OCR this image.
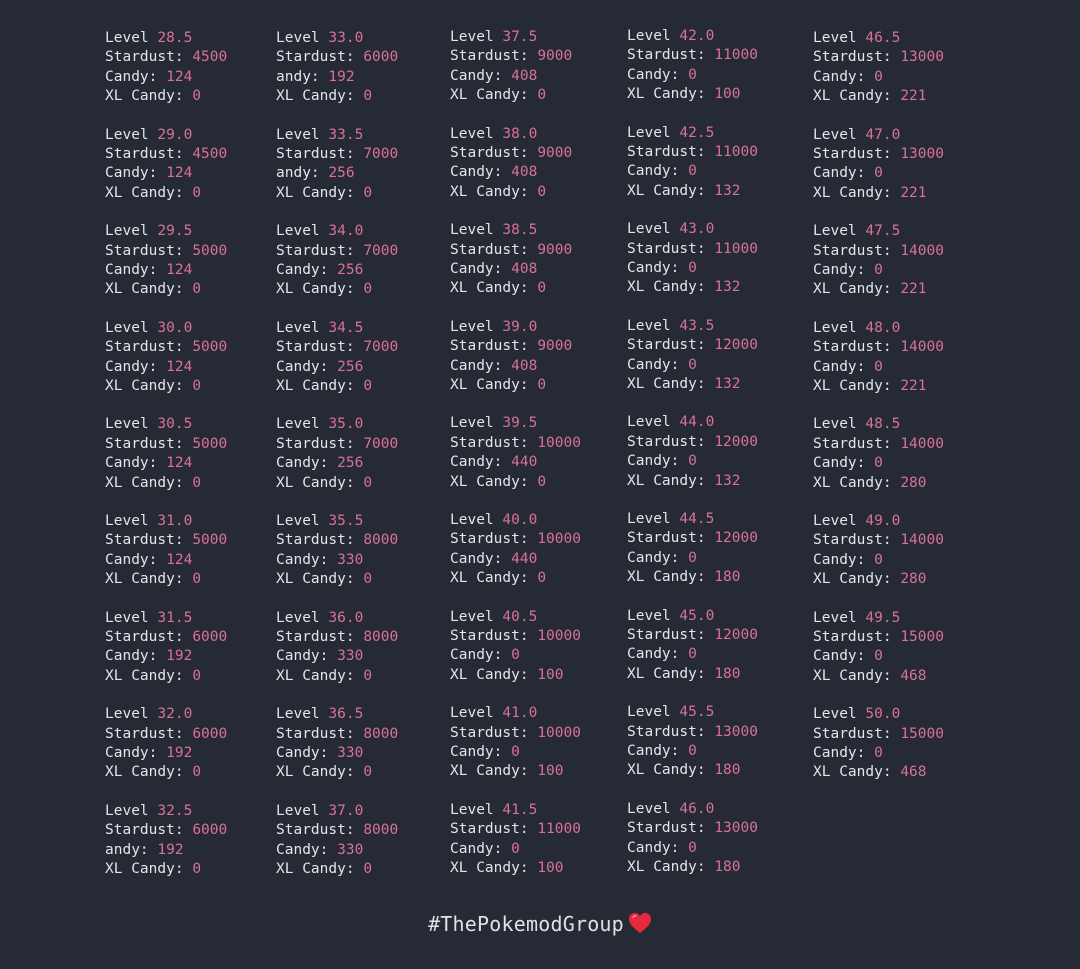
Level 28.5
Stardust: 4500
Candy: 124
XL Candy: 0
Level 29.0
Stardust: 4500
Candy: 124
XL Candy: 0
Level 29.5
Stardust: 5000
Candy: 124
XL Candy: 0
Level 30.0
Stardust: 5000
Candy: 124
XL Candy: 0
Level 30.5
Stardust: 5000
Candy: 124
XL Candy: 0
Level 31.0
Stardust: 5000
Candy: 124
XL Candy: 0
Level 31.5
Stardust: 6000
Candy: 192
XL Candy: 0
Level 32.0
Stardust: 6000
Candy: 192
XL Candy: 0
Level 32.5
Stardust: 6000
andy: 192
XL Candy: 0
Level 33.0
Stardust: 6000
andy: 192
XL Candy: 0
Level 33.5
Stardust: 7000
andy: 256
XL Candy: 0
Level 34.0
Stardust: 7000
Candy: 256
XL Candy: 0
Level 34.5
Stardust: 7000
Candy: 256
XL Candy: 0
Level 35.0
Stardust: 7000
Candy: 256
XL Candy: 0
Level 35.5
Stardust: 8000
Candy: 330
XL Candy: 0
Level 36.0
Stardust: 8000
Candy: 330
XL Candy: 0
Level 36.5
Stardust: 8000
Candy: 330
XL Candy: 0
Level 37.0
Stardust: 8000
Candy: 330
XL Candy: 0
Level 37.5
Stardust: 9000
Candy: 408
XL Candy: 0
Level 38.0
Stardust: 9000
Candy: 408
XL Candy: 0
Level 38.5
Stardust: 9000
Candy: 408
XL Candy: 0
Level 39.0
Stardust: 9000
Candy: 408
XL Candy: 0
Level 39.5
Stardust: 10000
Candy: 440
XL Candy: 0
Level 40.0
Stardust: 10000
Candy: 440
XL Candy: 0
Level 40.5
Stardust: 10000
Candy: 0
XL Candy: 100
Level 41.0
Stardust: 10000
Candy: 0
XL Candy: 100
Level 41.5
Stardust: 11000
Candy: 0
XL Candy: 100
Level 42.0
Stardust: 11000
Candy: 0
XL Candy: 100
Level 42.5
Stardust: 11000
Candy: 0
XL Candy: 132
Level 43.0
Stardust: 11000
Candy: 0
XL Candy: 132
Level 43.5
Stardust: 12000
Candy: 0
XL Candy: 132
Level 44.0
Stardust: 12000
Candy: 0
XL Candy: 132
Level 44.5
Stardust: 12000
Candy: 0
XL Candy: 180
Level 45.0
Stardust: 12000
Candy: 0
XL Candy: 180
Level 45.5
Stardust: 13000
Candy: 0
XL Candy: 180
Level 46.0
Stardust: 13000
Candy: 0
XL Candy: 180
Level 46.5
Stardust: 13000
Candy: 0
XL Candy: 221
Level 47.0
Stardust: 13000
Candy: 0
XL Candy: 221
Level 47.5
Stardust: 14000
Candy: 0
XL Candy: 221
Level 48.0
Stardust: 14000
Candy: 0
XL Candy: 221
Level 48.5
Stardust: 14000
Candy: 0
XL Candy: 280
Level 49.0
Stardust: 14000
Candy: 0
XL Candy: 280
Level 49.5
Stardust: 15000
Candy: 0
XL Candy: 468
Level 50.0
Stardust: 15000
Candy: 0
XL Candy: 468
#ThePokemodGroup
